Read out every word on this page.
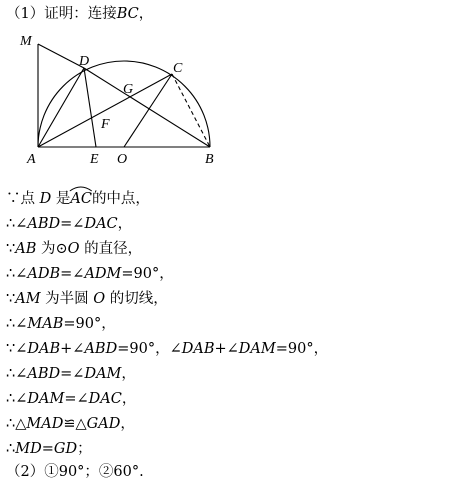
（1）证明：连接BC，
M
D	C
G
F
A	E O	B
∵点 D 是
AC的中点，
∴∠ABD=∠DAC，
∵AB 为⊙O 的直径，
∴∠ADB=∠ADM=90°，
∵AM 为半圆 O 的切线，
∴∠MAB=90°，
∵∠DAB+∠ABD=90°，∠DAB+∠DAM=90°，
∴∠ABD=∠DAM，
∴∠DAM=∠DAC，
∴△MAD≌△GAD，
∴MD=GD；
（2）①90°；②60°.
